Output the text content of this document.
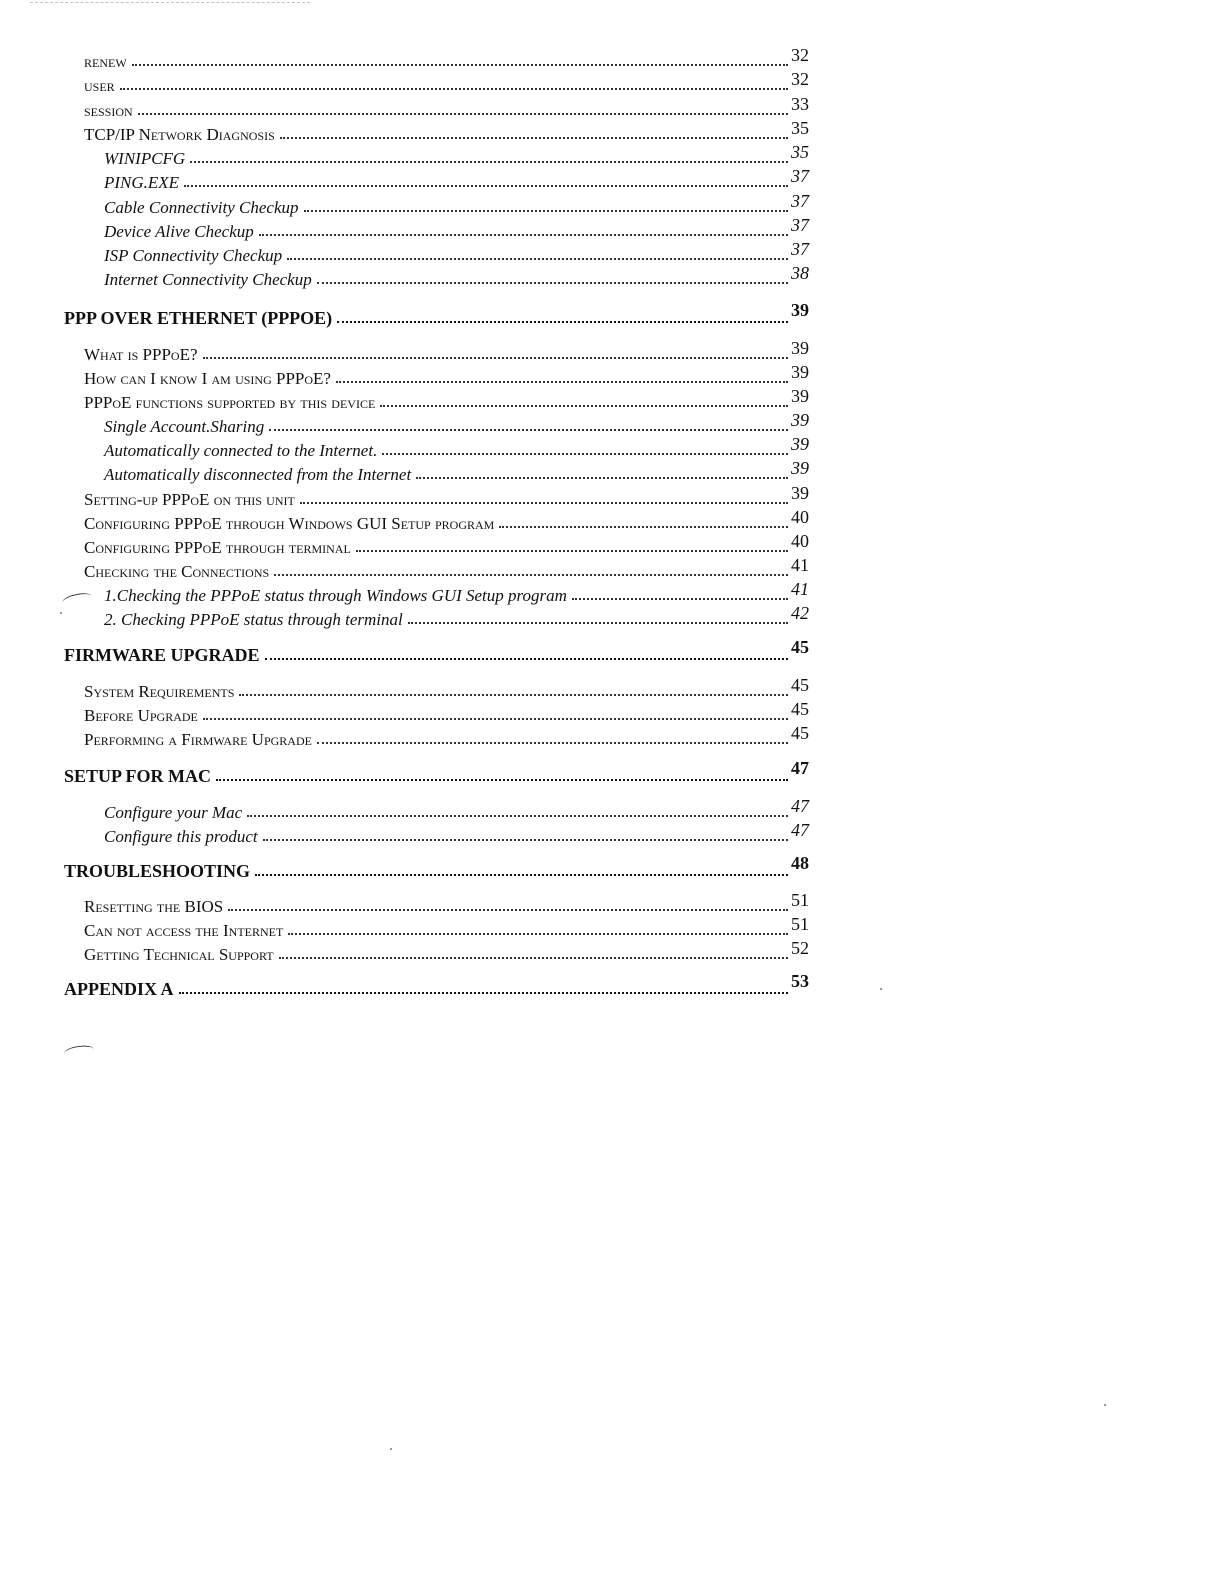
renew	32
user	32
session	33
TCP/IP Network Diagnosis	35
WINIPCFG	35
PING.EXE	37
Cable Connectivity Checkup	37
Device Alive Checkup	37
ISP Connectivity Checkup	37
Internet Connectivity Checkup	38
PPP OVER ETHERNET (PPPOE)	39
What is PPPoE?	39
How can I know I am using PPPoE?	39
PPPoE functions supported by this device	39
Single Account.Sharing	39
Automatically connected to the Internet.	39
Automatically disconnected from the Internet	39
Setting-up PPPoE on this unit	39
Configuring PPPoE through Windows GUI Setup program	40
Configuring PPPoE through terminal	40
Checking the Connections	41
1.Checking the PPPoE status through Windows GUI Setup program	41
2. Checking PPPoE status through terminal	42
FIRMWARE UPGRADE	45
System Requirements	45
Before Upgrade	45
Performing a Firmware Upgrade	45
SETUP FOR MAC	47
Configure your Mac	47
Configure this product	47
TROUBLESHOOTING	48
Resetting the BIOS	51
Can not access the Internet	51
Getting Technical Support	52
APPENDIX A	53
